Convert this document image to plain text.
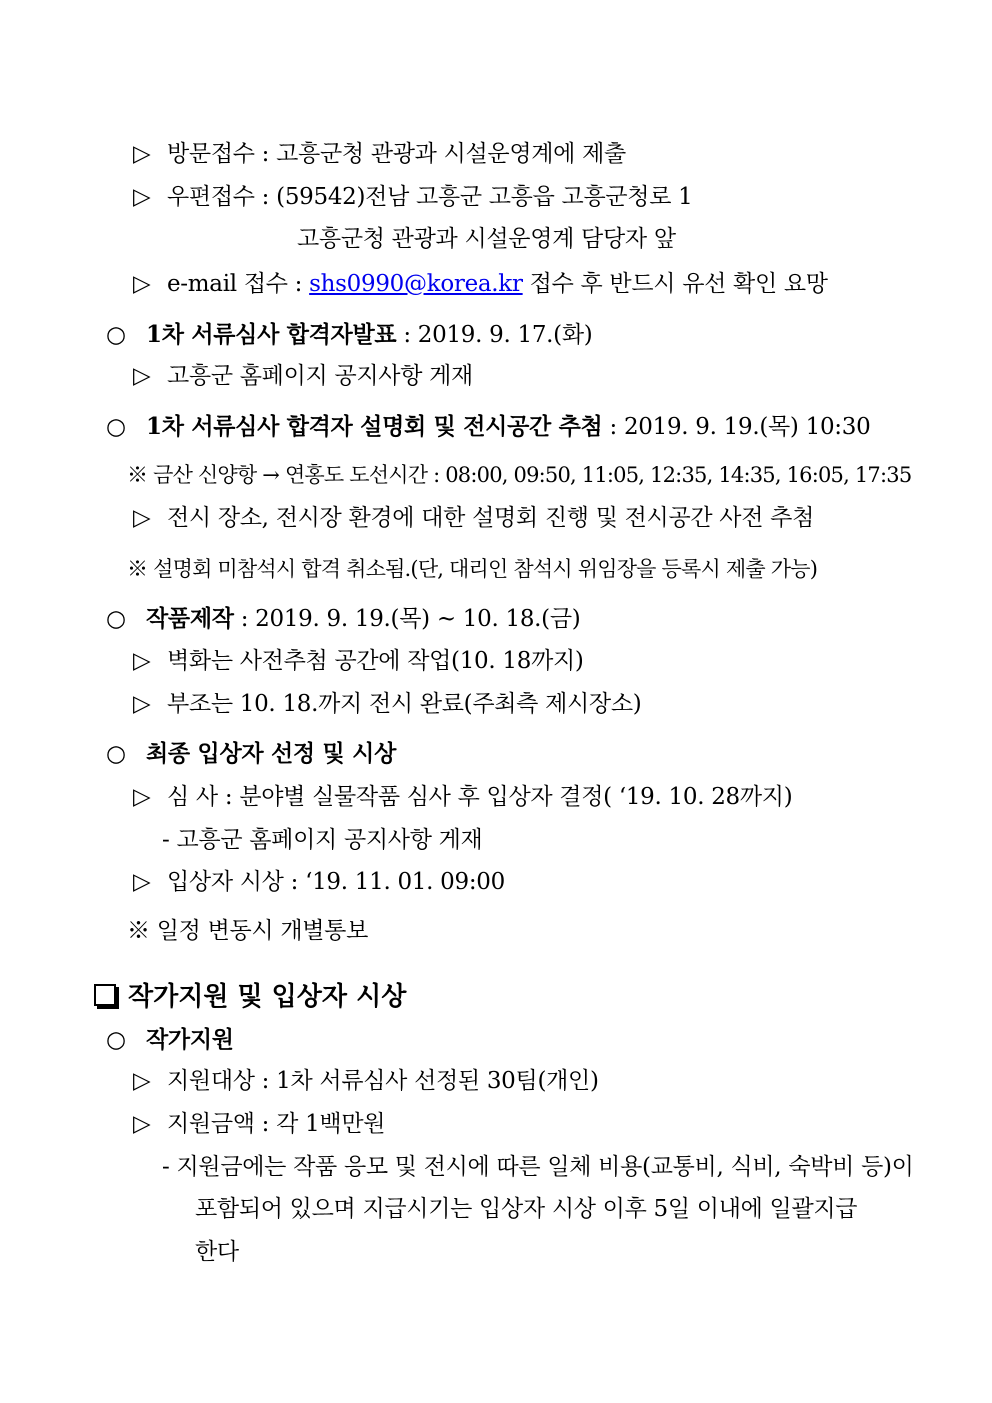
▷ 방문접수 : 고흥군청 관광과 시설운영계에 제출
▷ 우편접수 : (59542)전남 고흥군 고흥읍 고흥군청로 1
고흥군청 관광과 시설운영계 담당자 앞
▷ e-mail 접수 : shs0990@korea.kr 접수 후 반드시 유선 확인 요망
○ 1차 서류심사 합격자발표 : 2019. 9. 17.(화)
▷ 고흥군 홈페이지 공지사항 게재
○ 1차 서류심사 합격자 설명회 및 전시공간 추첨 : 2019. 9. 19.(목) 10:30
※ 금산 신양항 → 연홍도 도선시간 : 08:00, 09:50, 11:05, 12:35, 14:35, 16:05, 17:35
▷ 전시 장소, 전시장 환경에 대한 설명회 진행 및 전시공간 사전 추첨
※ 설명회 미참석시 합격 취소됨.(단, 대리인 참석시 위임장을 등록시 제출 가능)
○ 작품제작 : 2019. 9. 19.(목) ~ 10. 18.(금)
▷ 벽화는 사전추첨 공간에 작업(10. 18까지)
▷ 부조는 10. 18.까지 전시 완료(주최측 제시장소)
○ 최종 입상자 선정 및 시상
▷ 심 사 : 분야별 실물작품 심사 후 입상자 결정( ‘19. 10. 28까지)
- 고흥군 홈페이지 공지사항 게재
▷ 입상자 시상 : ‘19. 11. 01. 09:00
※ 일정 변동시 개별통보
작가지원 및 입상자 시상
○ 작가지원
▷ 지원대상 : 1차 서류심사 선정된 30팀(개인)
▷ 지원금액 : 각 1백만원
- 지원금에는 작품 응모 및 전시에 따른 일체 비용(교통비, 식비, 숙박비 등)이
포함되어 있으며 지급시기는 입상자 시상 이후 5일 이내에 일괄지급
한다
